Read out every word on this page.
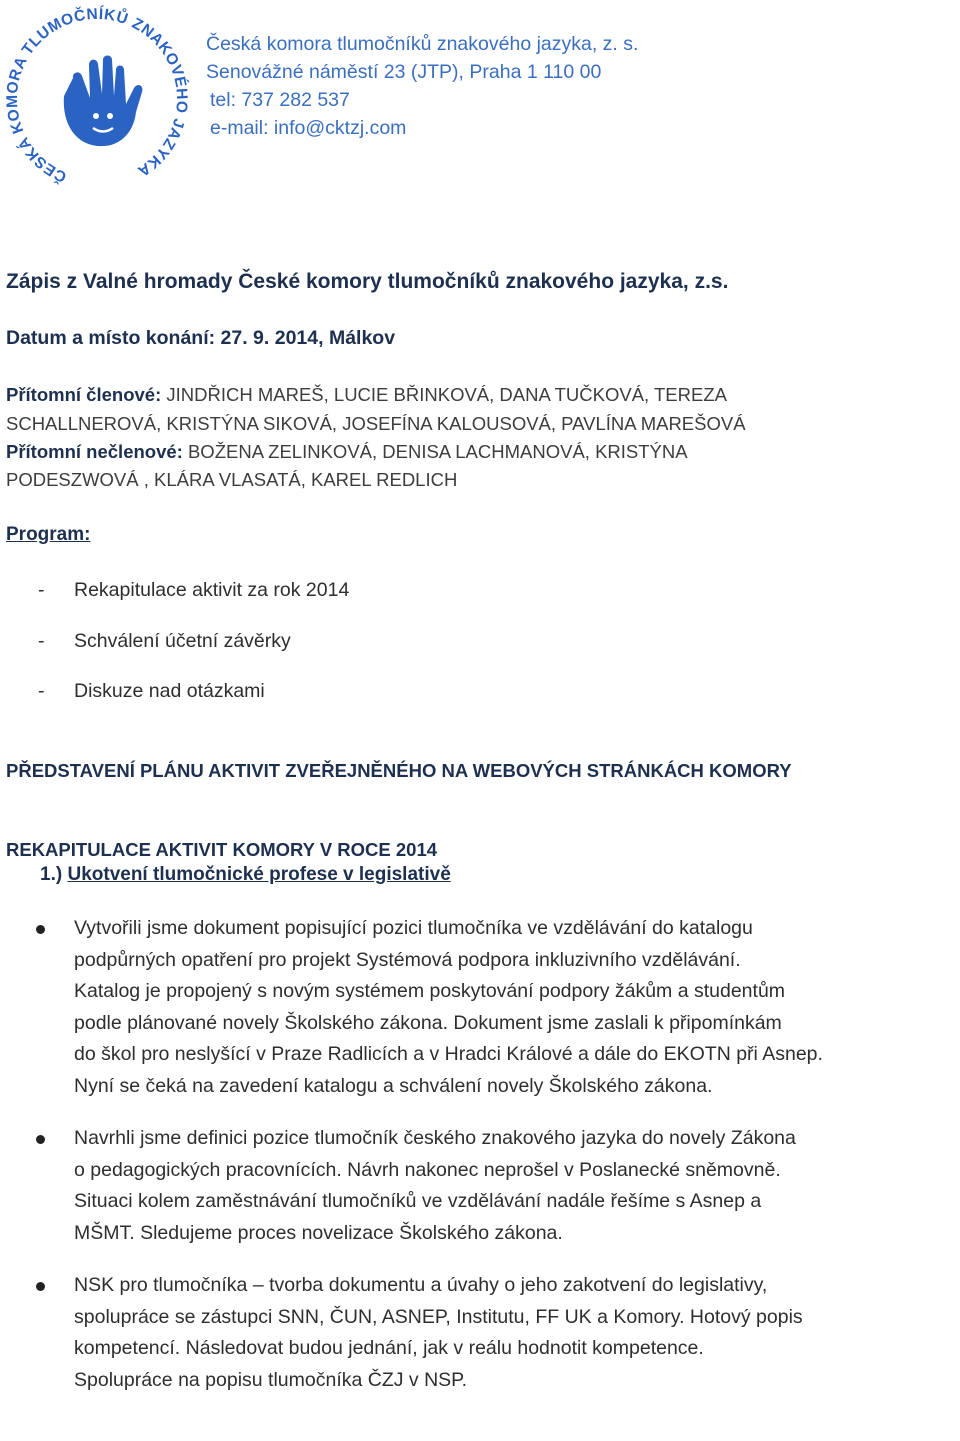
ČESKÁ KOMORA TLUMOČNÍKŮ ZNAKOVÉHO JAZYKA
Česká komora tlumočníků znakového jazyka, z. s.
Senovážné náměstí 23 (JTP), Praha 1 110 00
tel: 737 282 537
e-mail: info@cktzj.com
Zápis z Valné hromady České komory tlumočníků znakového jazyka, z.s.
Datum a místo konání: 27. 9. 2014, Málkov
Přítomní členové: JINDŘICH MAREŠ, LUCIE BŘINKOVÁ, DANA TUČKOVÁ, TEREZA
SCHALLNEROVÁ, KRISTÝNA SIKOVÁ, JOSEFÍNA KALOUSOVÁ, PAVLÍNA MAREŠOVÁ
Přítomní nečlenové: BOŽENA ZELINKOVÁ, DENISA LACHMANOVÁ, KRISTÝNA
PODESZWOVÁ , KLÁRA VLASATÁ, KAREL REDLICH
Program:
- Rekapitulace aktivit za rok 2014
- Schválení účetní závěrky
- Diskuze nad otázkami
PŘEDSTAVENÍ PLÁNU AKTIVIT ZVEŘEJNĚNÉHO NA WEBOVÝCH STRÁNKÁCH KOMORY
REKAPITULACE AKTIVIT KOMORY V ROCE 2014
1.) Ukotvení tlumočnické profese v legislativě
Vytvořili jsme dokument popisující pozici tlumočníka ve vzdělávání do katalogu
podpůrných opatření pro projekt Systémová podpora inkluzivního vzdělávání.
Katalog je propojený s novým systémem poskytování podpory žákům a studentům
podle plánované novely Školského zákona. Dokument jsme zaslali k připomínkám
do škol pro neslyšící v Praze Radlicích a v Hradci Králové a dále do EKOTN při Asnep.
Nyní se čeká na zavedení katalogu a schválení novely Školského zákona.
Navrhli jsme definici pozice tlumočník českého znakového jazyka do novely Zákona
o pedagogických pracovnících. Návrh nakonec neprošel v Poslanecké sněmovně.
Situaci kolem zaměstnávání tlumočníků ve vzdělávání nadále řešíme s Asnep a
MŠMT. Sledujeme proces novelizace Školského zákona.
NSK pro tlumočníka – tvorba dokumentu a úvahy o jeho zakotvení do legislativy,
spolupráce se zástupci SNN, ČUN, ASNEP, Institutu, FF UK a Komory. Hotový popis
kompetencí. Následovat budou jednání, jak v reálu hodnotit kompetence.
Spolupráce na popisu tlumočníka ČZJ v NSP.
